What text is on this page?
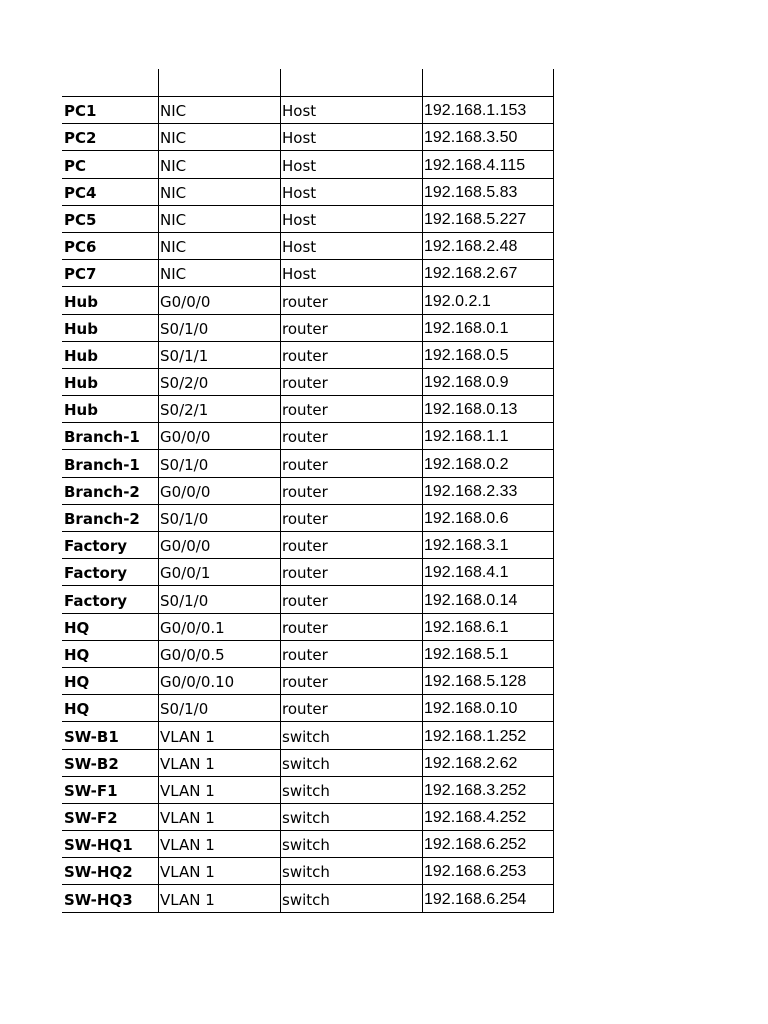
PC1	NIC	Host	192.168.1.153
PC2	NIC	Host	192.168.3.50
PC	NIC	Host	192.168.4.115
PC4	NIC	Host	192.168.5.83
PC5	NIC	Host	192.168.5.227
PC6	NIC	Host	192.168.2.48
PC7	NIC	Host	192.168.2.67
Hub	G0/0/0	router	192.0.2.1
Hub	S0/1/0	router	192.168.0.1
Hub	S0/1/1	router	192.168.0.5
Hub	S0/2/0	router	192.168.0.9
Hub	S0/2/1	router	192.168.0.13
Branch-1	G0/0/0	router	192.168.1.1
Branch-1	S0/1/0	router	192.168.0.2
Branch-2	G0/0/0	router	192.168.2.33
Branch-2	S0/1/0	router	192.168.0.6
Factory	G0/0/0	router	192.168.3.1
Factory	G0/0/1	router	192.168.4.1
Factory	S0/1/0	router	192.168.0.14
HQ	G0/0/0.1	router	192.168.6.1
HQ	G0/0/0.5	router	192.168.5.1
HQ	G0/0/0.10	router	192.168.5.128
HQ	S0/1/0	router	192.168.0.10
SW-B1	VLAN 1	switch	192.168.1.252
SW-B2	VLAN 1	switch	192.168.2.62
SW-F1	VLAN 1	switch	192.168.3.252
SW-F2	VLAN 1	switch	192.168.4.252
SW-HQ1	VLAN 1	switch	192.168.6.252
SW-HQ2	VLAN 1	switch	192.168.6.253
SW-HQ3	VLAN 1	switch	192.168.6.254
